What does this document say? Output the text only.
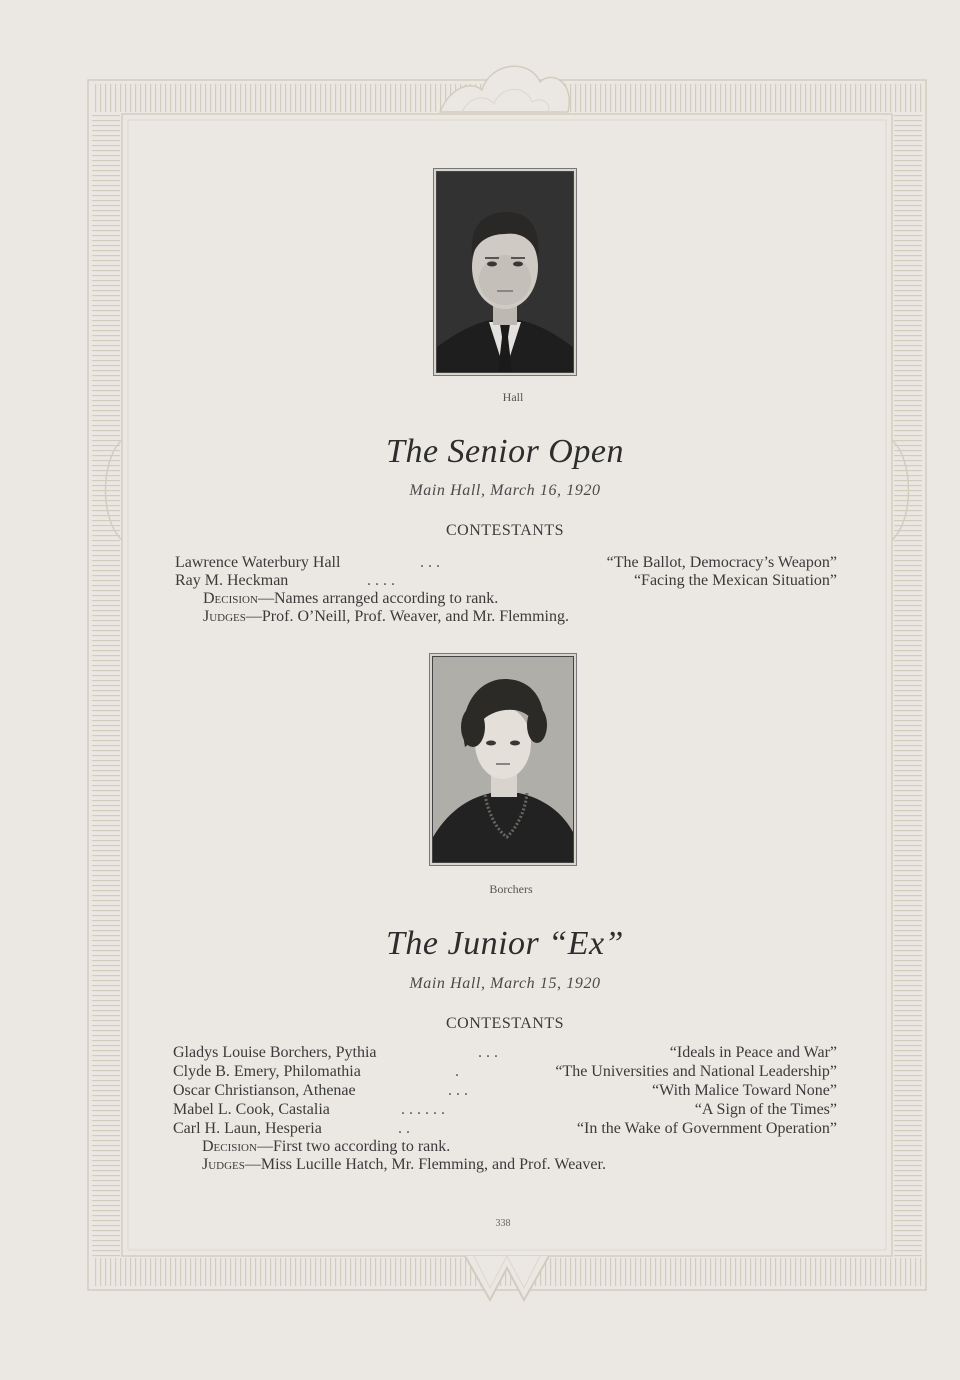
Hall
The Senior Open
Main Hall, March 16, 1920
CONTESTANTS
Lawrence Waterbury Hall	. . .	“The Ballot, Democracy’s Weapon”
Ray M. Heckman	. . . .	“Facing the Mexican Situation”
Decision—Names arranged according to rank.
Judges—Prof. O’Neill, Prof. Weaver, and Mr. Flemming.
Borchers
The Junior “Ex”
Main Hall, March 15, 1920
CONTESTANTS
Gladys Louise Borchers, Pythia	. . .	“Ideals in Peace and War”
Clyde B. Emery, Philomathia	.	“The Universities and National Leadership”
Oscar Christianson, Athenae	. . .	“With Malice Toward None”
Mabel L. Cook, Castalia	. . . . . .	“A Sign of the Times”
Carl H. Laun, Hesperia	. .	“In the Wake of Government Operation”
Decision—First two according to rank.
Judges—Miss Lucille Hatch, Mr. Flemming, and Prof. Weaver.
338
